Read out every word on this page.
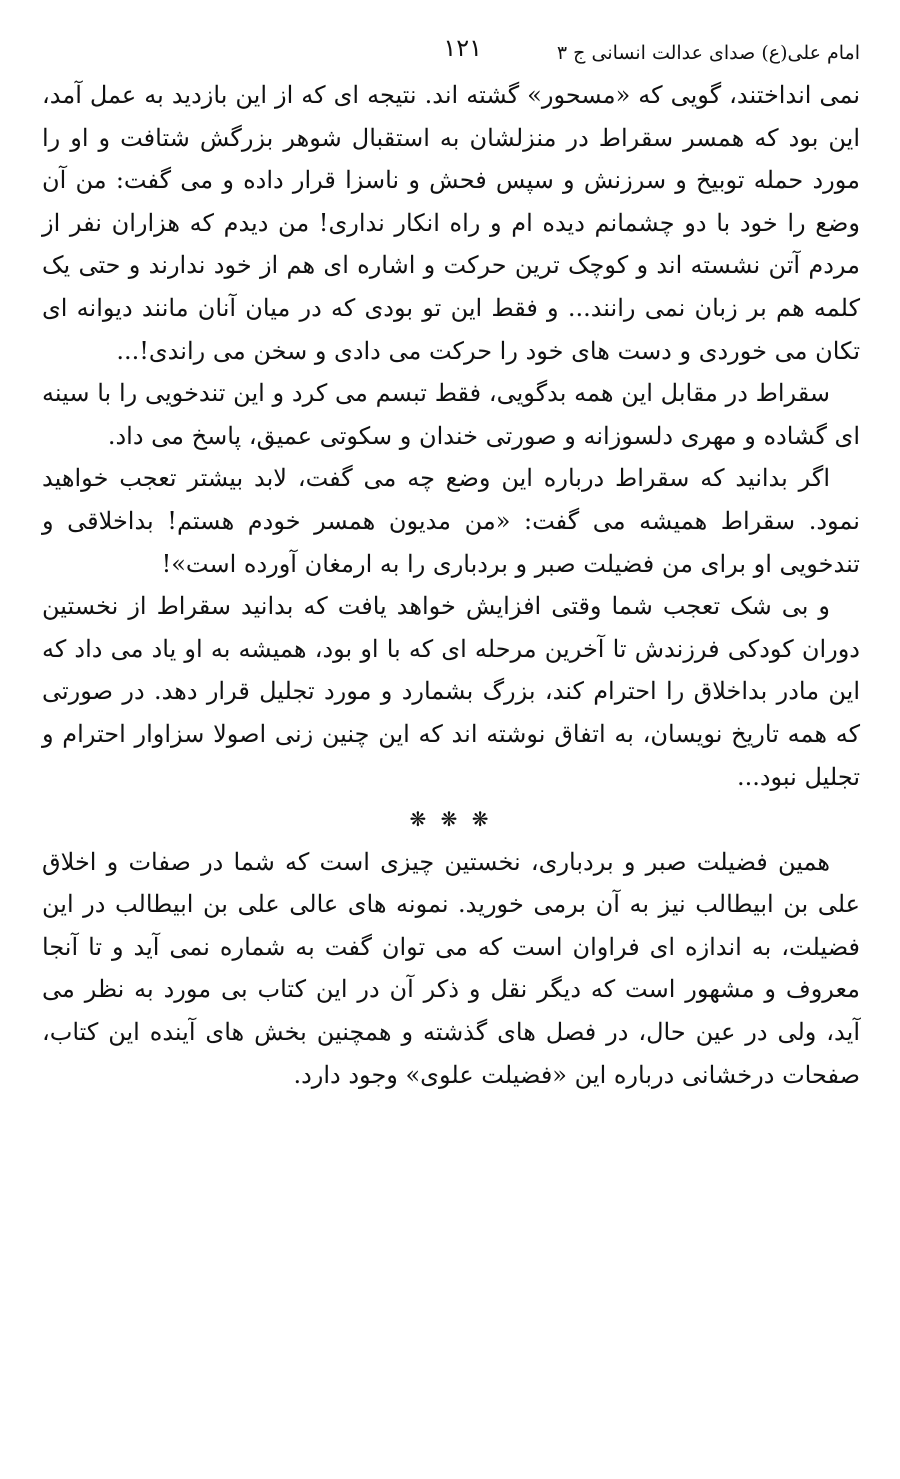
امام علی(ع) صدای عدالت انسانی ج ۳
۱۲۱

نمی انداختند، گویی که «مسحور» گشته اند. نتیجه ای که از این بازدید به عمل آمد، این بود که همسر سقراط در منزلشان به استقبال شوهر بزرگش شتافت و او را مورد حمله توبیخ و سرزنش و سپس فحش و ناسزا قرار داده و می گفت: من آن وضع را خود با دو چشمانم دیده ام و راه انکار نداری! من دیدم که هزاران نفر از مردم آتن نشسته اند و کوچک ترین حرکت و اشاره ای هم از خود ندارند و حتی یک کلمه هم بر زبان نمی رانند... و فقط این تو بودی که در میان آنان مانند دیوانه ای تکان می خوردی و دست های خود را حرکت می دادی و سخن می راندی!...

سقراط در مقابل این همه بدگویی، فقط تبسم می کرد و این تندخویی را با سینه ای گشاده و مهری دلسوزانه و صورتی خندان و سکوتی عمیق، پاسخ می داد.

اگر بدانید که سقراط درباره این وضع چه می گفت، لابد بیشتر تعجب خواهید نمود. سقراط همیشه می گفت: «من مدیون همسر خودم هستم! بداخلاقی و تندخویی او برای من فضیلت صبر و بردباری را به ارمغان آورده است»!

و بی شک تعجب شما وقتی افزایش خواهد یافت که بدانید سقراط از نخستین دوران کودکی فرزندش تا آخرین مرحله ای که با او بود، همیشه به او یاد می داد که این مادر بداخلاق را احترام کند، بزرگ بشمارد و مورد تجلیل قرار دهد. در صورتی که همه تاریخ نویسان، به اتفاق نوشته اند که این چنین زنی اصولا سزاوار احترام و تجلیل نبود...

❋ ❋ ❋

همین فضیلت صبر و بردباری، نخستین چیزی است که شما در صفات و اخلاق علی بن ابیطالب نیز به آن برمی خورید. نمونه های عالی علی بن ابیطالب در این فضیلت، به اندازه ای فراوان است که می توان گفت به شماره نمی آید و تا آنجا معروف و مشهور است که دیگر نقل و ذکر آن در این کتاب بی مورد به نظر می آید، ولی در عین حال، در فصل های گذشته و همچنین بخش های آینده این کتاب، صفحات درخشانی درباره این «فضیلت علوی» وجود دارد.
